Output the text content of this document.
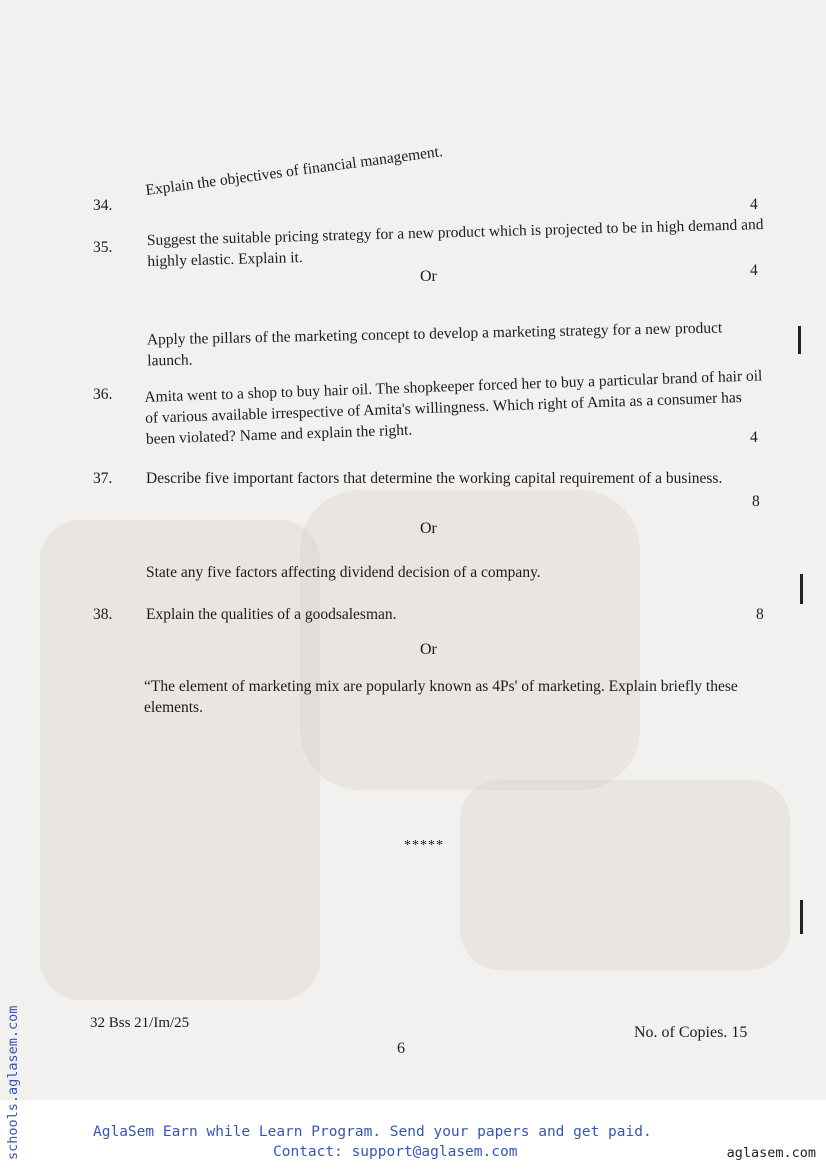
34.
Explain the objectives of financial management.
4
35. Suggest the suitable pricing strategy for a new product which is projected to be in high demand and highly elastic. Explain it.
4
Or
Apply the pillars of the marketing concept to develop a marketing strategy for a new product launch.
36. Amita went to a shop to buy hair oil. The shopkeeper forced her to buy a particular brand of hair oil of various available irrespective of Amita's willingness. Which right of Amita as a consumer has been violated? Name and explain the right.	4
37. Describe five important factors that determine the working capital requirement of a business.
8
Or
State any five factors affecting dividend decision of a company.
38. Explain the qualities of a goodsalesman.	8
Or
“The element of marketing mix are popularly known as 4Ps' of marketing. Explain briefly these elements.
*****
32 Bss 21/Im/25
No. of Copies. 15
6
schools.aglasem.com	AglaSem Earn while Learn Program. Send your papers and get paid.
Contact: support@aglasem.com	aglasem.com
